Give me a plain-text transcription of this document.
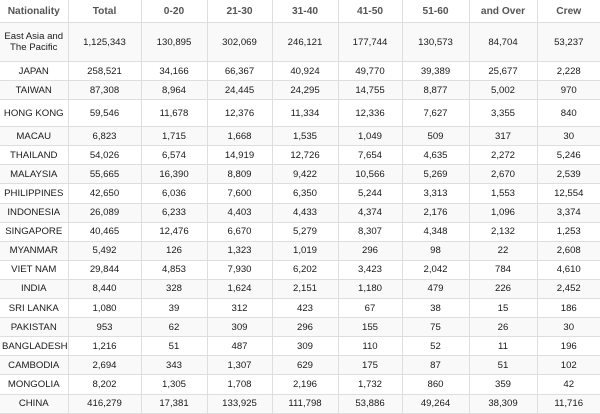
Nationality	Total	0-20	21-30	31-40	41-50	51-60	and Over	Crew
East Asia and The Pacific	1,125,343	130,895	302,069	246,121	177,744	130,573	84,704	53,237
JAPAN	258,521	34,166	66,367	40,924	49,770	39,389	25,677	2,228
TAIWAN	87,308	8,964	24,445	24,295	14,755	8,877	5,002	970
HONG KONG	59,546	11,678	12,376	11,334	12,336	7,627	3,355	840
MACAU	6,823	1,715	1,668	1,535	1,049	509	317	30
THAILAND	54,026	6,574	14,919	12,726	7,654	4,635	2,272	5,246
MALAYSIA	55,665	16,390	8,809	9,422	10,566	5,269	2,670	2,539
PHILIPPINES	42,650	6,036	7,600	6,350	5,244	3,313	1,553	12,554
INDONESIA	26,089	6,233	4,403	4,433	4,374	2,176	1,096	3,374
SINGAPORE	40,465	12,476	6,670	5,279	8,307	4,348	2,132	1,253
MYANMAR	5,492	126	1,323	1,019	296	98	22	2,608
VIET NAM	29,844	4,853	7,930	6,202	3,423	2,042	784	4,610
INDIA	8,440	328	1,624	2,151	1,180	479	226	2,452
SRI LANKA	1,080	39	312	423	67	38	15	186
PAKISTAN	953	62	309	296	155	75	26	30
BANGLADESH	1,216	51	487	309	110	52	11	196
CAMBODIA	2,694	343	1,307	629	175	87	51	102
MONGOLIA	8,202	1,305	1,708	2,196	1,732	860	359	42
CHINA	416,279	17,381	133,925	111,798	53,886	49,264	38,309	11,716
